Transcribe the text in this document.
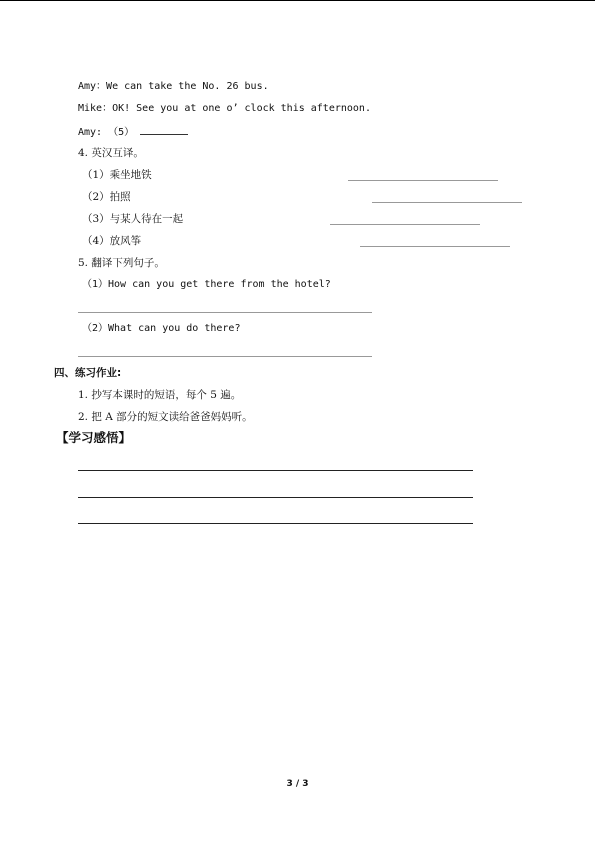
Amy：We can take the No. 26 bus.
Mike：OK! See you at one o’ clock this afternoon.
Amy: （5）
4. 英汉互译。
（1）乘坐地铁
（2）拍照
（3）与某人待在一起
（4）放风筝
5. 翻译下列句子。
（1）How can you get there from the hotel?
（2）What can you do there?
四、练习作业:
1. 抄写本课时的短语，每个 5 遍。
2. 把 A 部分的短文读给爸爸妈妈听。
【学习感悟】
3 / 3
